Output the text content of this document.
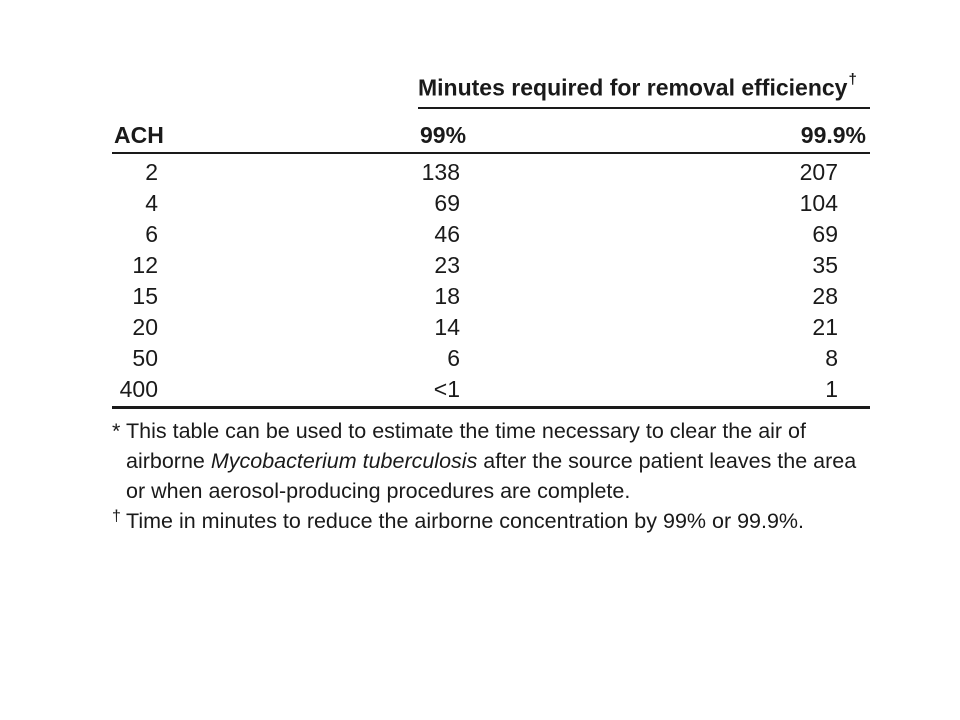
Minutes required for removal efficiency†
ACH	99%	99.9%
2	138	207
4	69	104
6	46	69
12	23	35
15	18	28
20	14	21
50	6	8
400	<1	1
* This table can be used to estimate the time necessary to clear the air of airborne Mycobacterium tuberculosis after the source patient leaves the area or when aerosol-producing procedures are complete.
† Time in minutes to reduce the airborne concentration by 99% or 99.9%.
